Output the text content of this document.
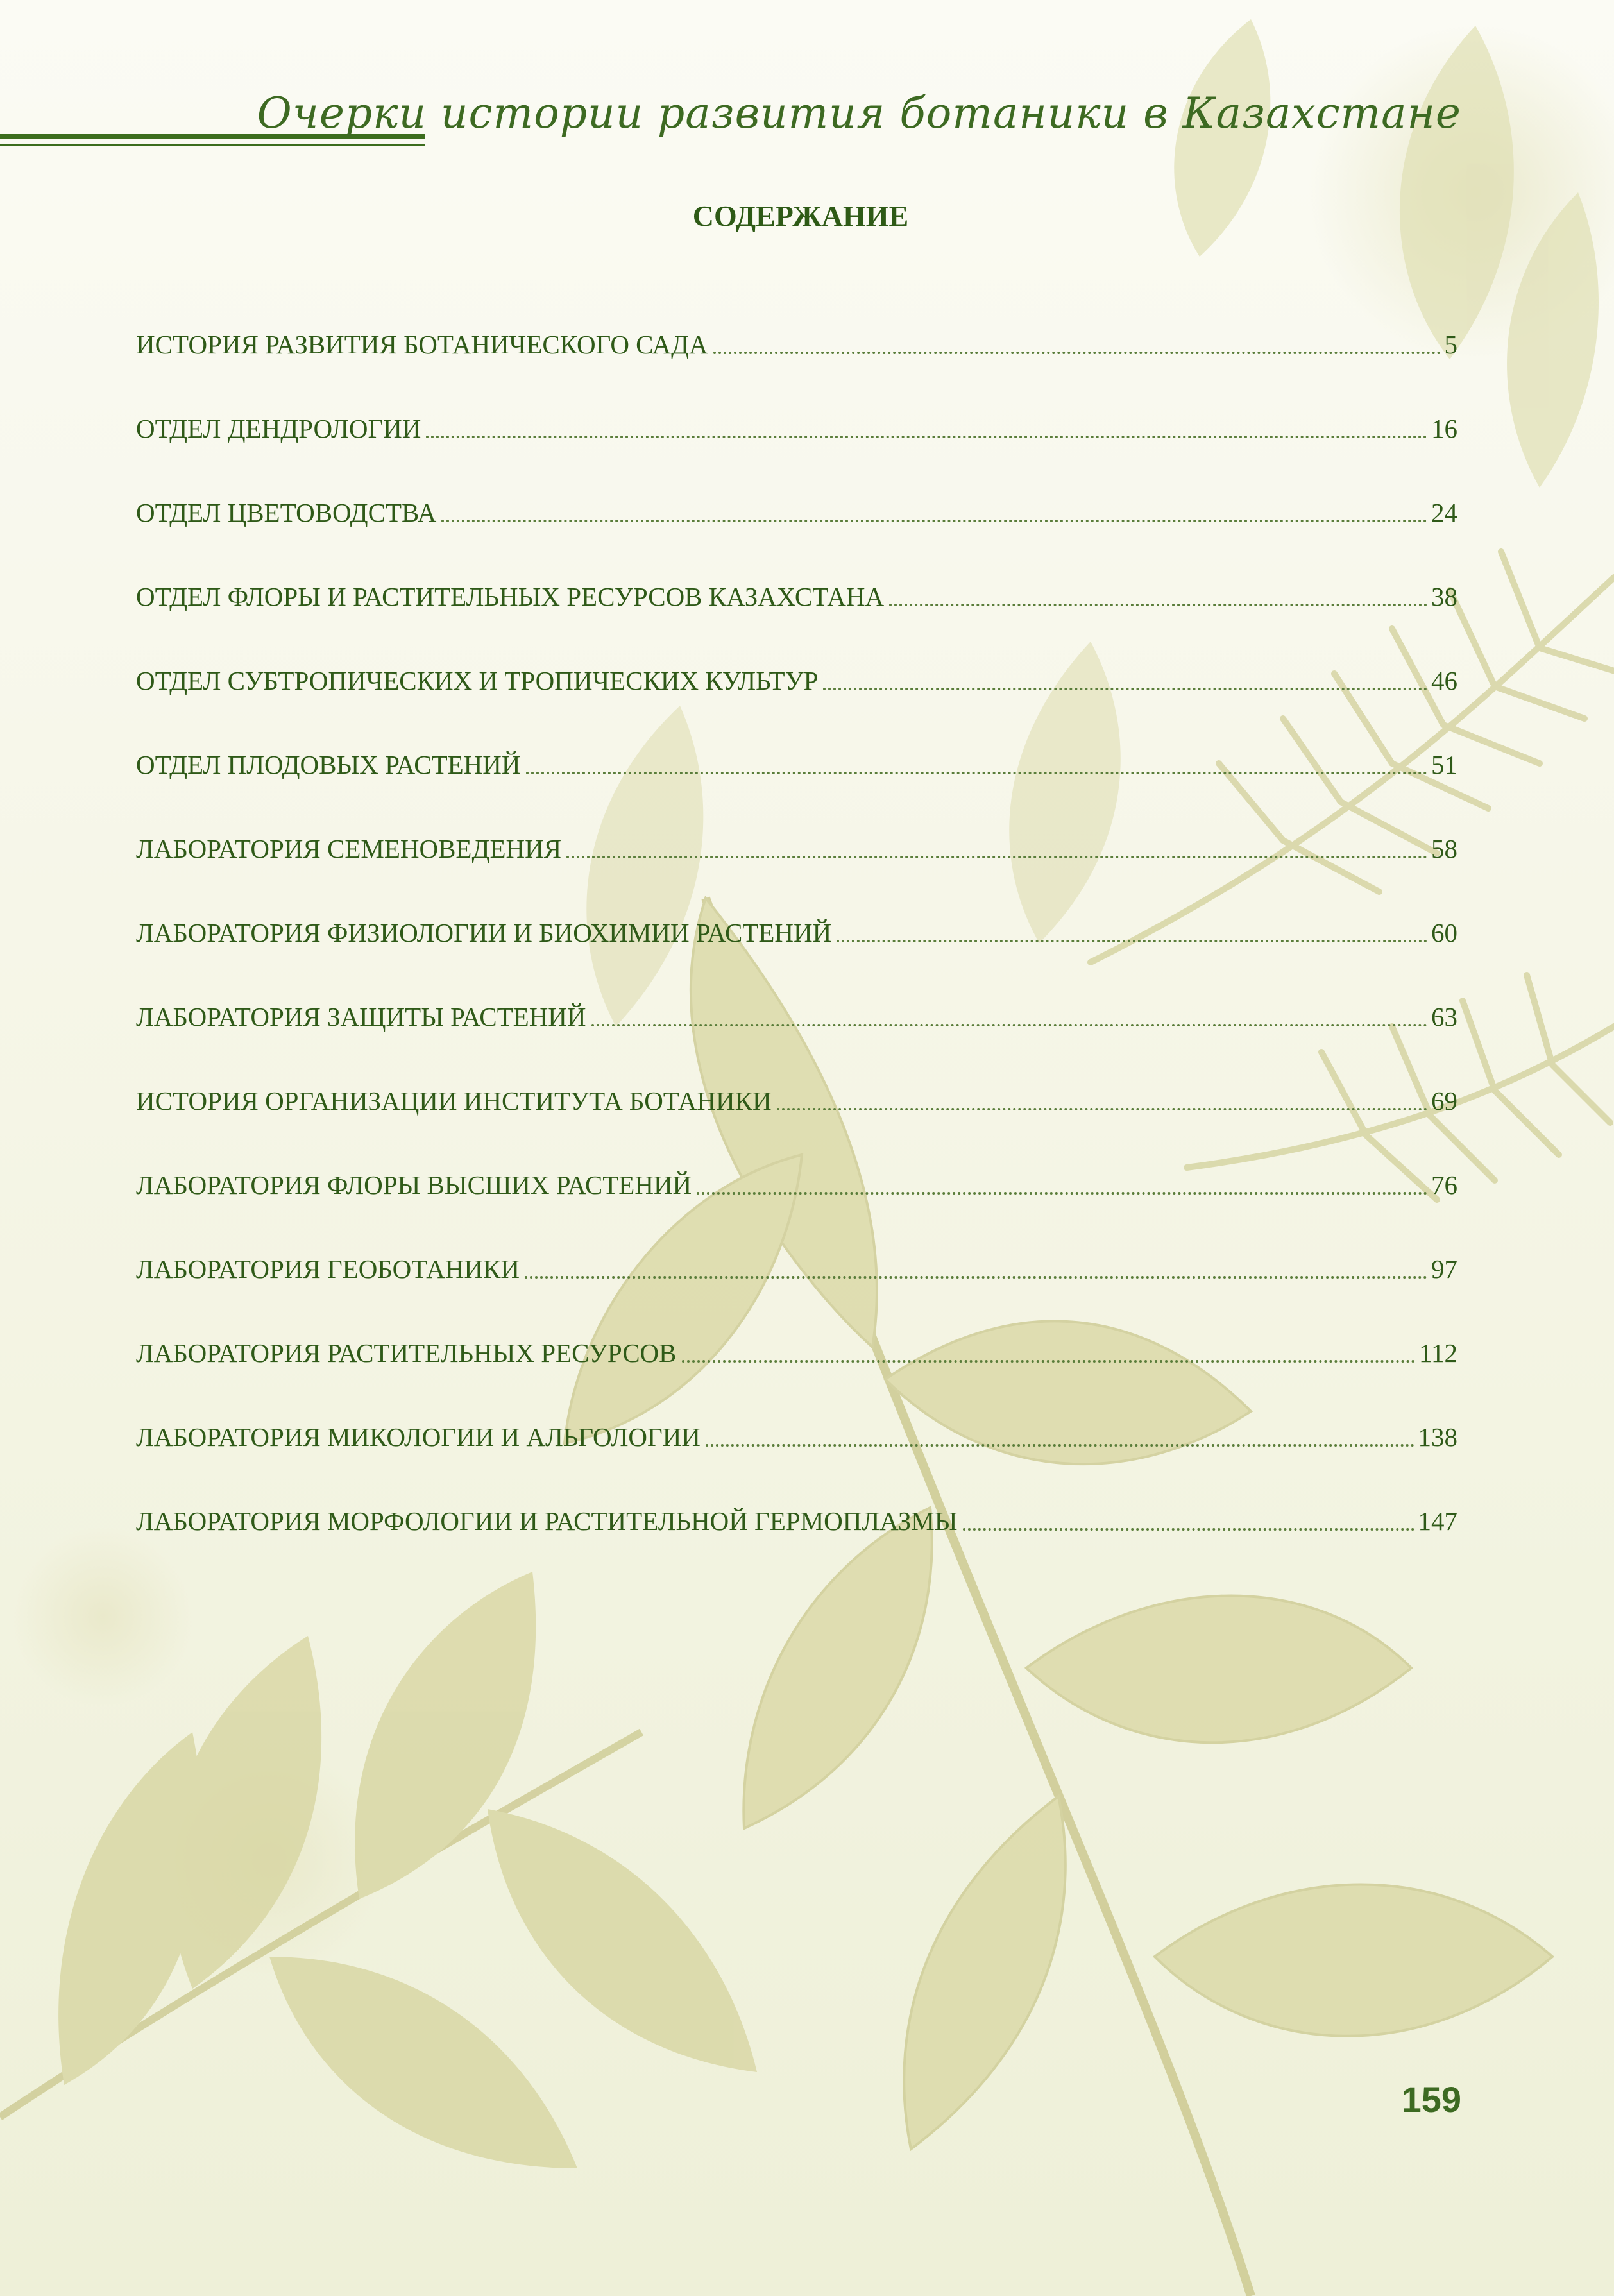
Очерки истории развития ботаники в Казахстане
СОДЕРЖАНИЕ
ИСТОРИЯ РАЗВИТИЯ БОТАНИЧЕСКОГО САДА	5
ОТДЕЛ ДЕНДРОЛОГИИ	16
ОТДЕЛ ЦВЕТОВОДСТВА	24
ОТДЕЛ ФЛОРЫ И РАСТИТЕЛЬНЫХ РЕСУРСОВ КАЗАХСТАНА	38
ОТДЕЛ СУБТРОПИЧЕСКИХ И ТРОПИЧЕСКИХ КУЛЬТУР	46
ОТДЕЛ ПЛОДОВЫХ РАСТЕНИЙ	51
ЛАБОРАТОРИЯ СЕМЕНОВЕДЕНИЯ	58
ЛАБОРАТОРИЯ ФИЗИОЛОГИИ И БИОХИМИИ РАСТЕНИЙ	60
ЛАБОРАТОРИЯ ЗАЩИТЫ РАСТЕНИЙ	63
ИСТОРИЯ ОРГАНИЗАЦИИ ИНСТИТУТА БОТАНИКИ	69
ЛАБОРАТОРИЯ ФЛОРЫ ВЫСШИХ РАСТЕНИЙ	76
ЛАБОРАТОРИЯ ГЕОБОТАНИКИ	97
ЛАБОРАТОРИЯ РАСТИТЕЛЬНЫХ РЕСУРСОВ	112
ЛАБОРАТОРИЯ МИКОЛОГИИ И АЛЬГОЛОГИИ	138
ЛАБОРАТОРИЯ МОРФОЛОГИИ И РАСТИТЕЛЬНОЙ ГЕРМОПЛАЗМЫ	147
159
